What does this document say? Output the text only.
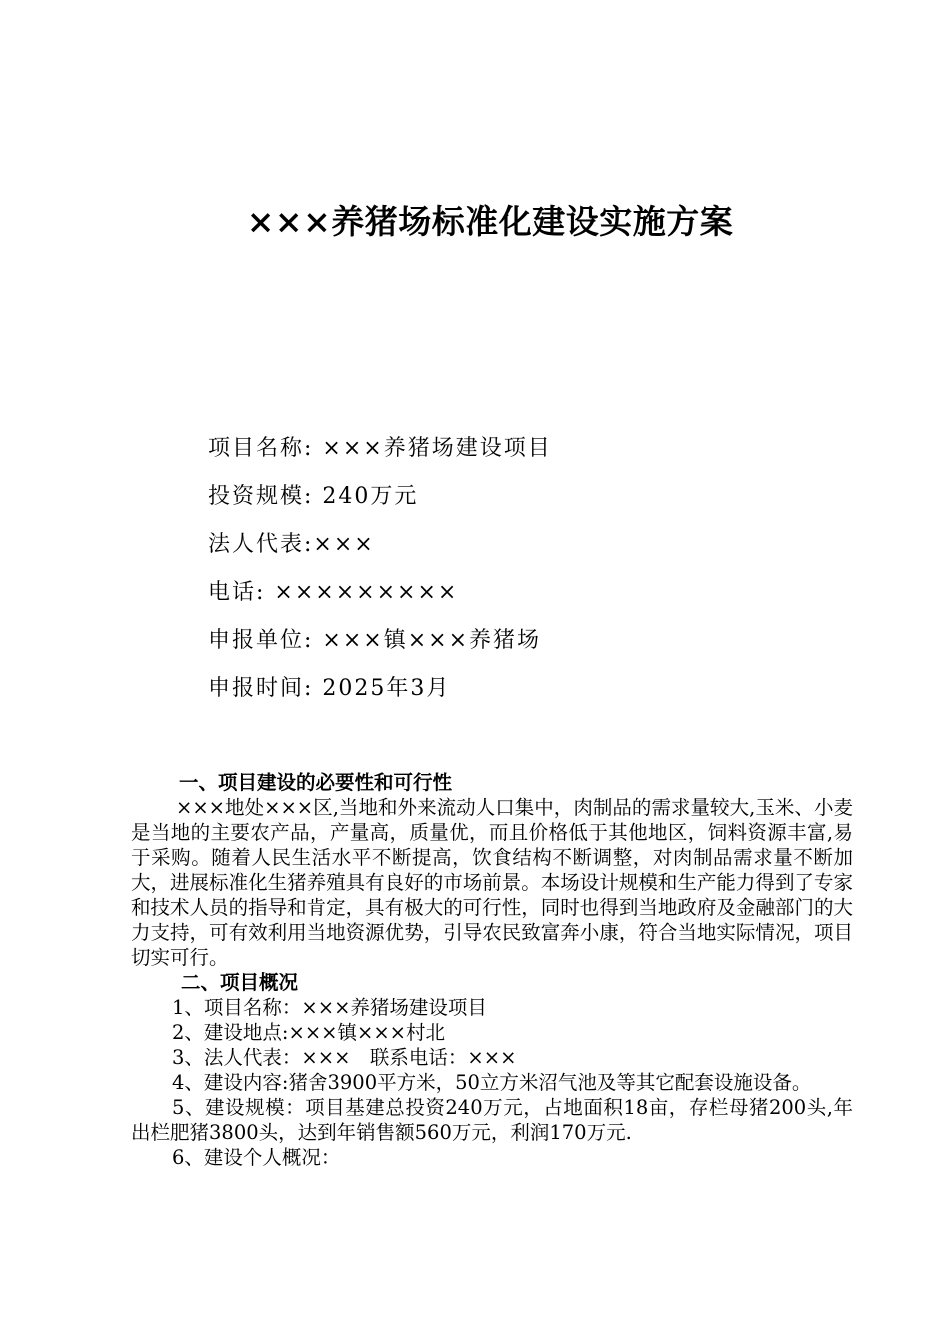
×××养猪场标准化建设实施方案
项目名称: ×××养猪场建设项目
投资规模: 240万元
法人代表:×××
电话: ×××××××××
申报单位: ×××镇×××养猪场
申报时间: 2025年3月

一、项目建设的必要性和可行性

×××地处×××区,当地和外来流动人口集中，肉制品的需求量较大,玉米、小麦是当地的主要农产品，产量高，质量优，而且价格低于其他地区，饲料资源丰富,易于采购。随着人民生活水平不断提高，饮食结构不断调整，对肉制品需求量不断加大，进展标准化生猪养殖具有良好的市场前景。本场设计规模和生产能力得到了专家和技术人员的指导和肯定，具有极大的可行性，同时也得到当地政府及金融部门的大力支持，可有效利用当地资源优势，引导农民致富奔小康，符合当地实际情况，项目切实可行。

二、项目概况

1、项目名称：×××养猪场建设项目

2、建设地点:×××镇×××村北

3、法人代表：×××　联系电话：×××

4、建设内容:猪舍3900平方米，50立方米沼气池及等其它配套设施设备。

5、建设规模：项目基建总投资240万元，占地面积18亩，存栏母猪200头,年出栏肥猪3800头，达到年销售额560万元，利润170万元.

6、建设个人概况：
